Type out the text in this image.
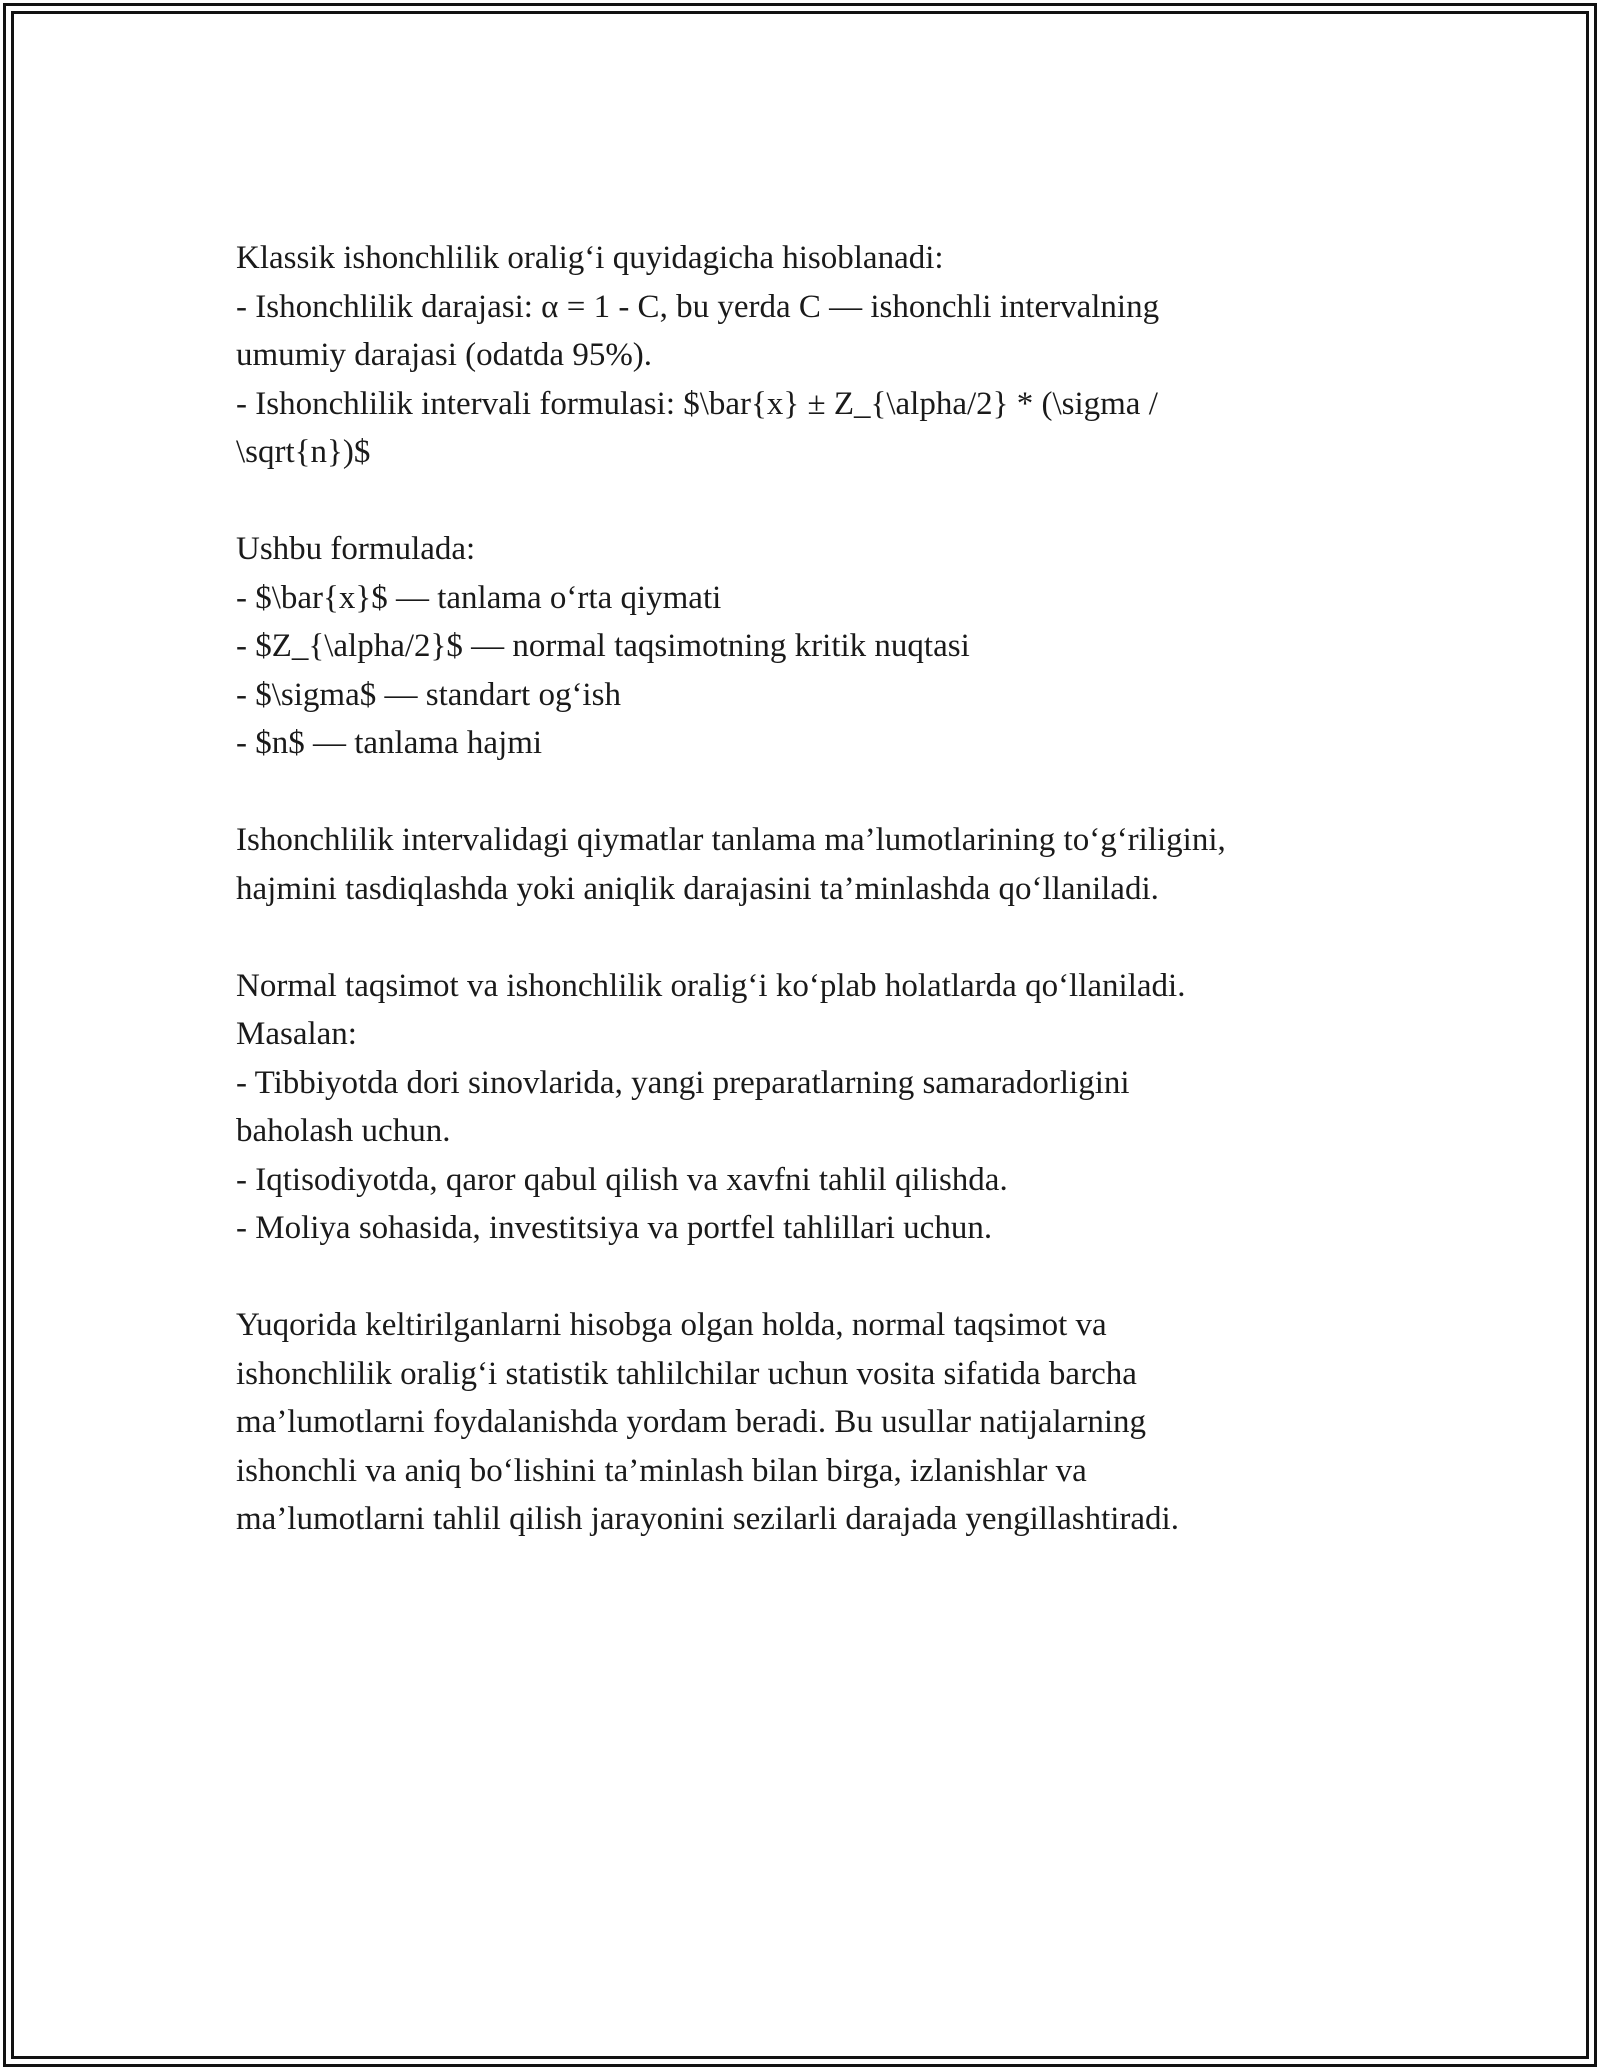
Klassik ishonchlilik oralig‘i quyidagicha hisoblanadi:
- Ishonchlilik darajasi: α = 1 - C, bu yerda C — ishonchli intervalning
umumiy darajasi (odatda 95%).
- Ishonchlilik intervali formulasi: $\bar{x} ± Z_{\alpha/2} * (\sigma /
\sqrt{n})$

Ushbu formulada:
- $\bar{x}$ — tanlama o‘rta qiymati
- $Z_{\alpha/2}$ — normal taqsimotning kritik nuqtasi
- $\sigma$ — standart og‘ish
- $n$ — tanlama hajmi

Ishonchlilik intervalidagi qiymatlar tanlama ma’lumotlarining to‘g‘riligini,
hajmini tasdiqlashda yoki aniqlik darajasini ta’minlashda qo‘llaniladi.

Normal taqsimot va ishonchlilik oralig‘i ko‘plab holatlarda qo‘llaniladi.
Masalan:
- Tibbiyotda dori sinovlarida, yangi preparatlarning samaradorligini
baholash uchun.
- Iqtisodiyotda, qaror qabul qilish va xavfni tahlil qilishda.
- Moliya sohasida, investitsiya va portfel tahlillari uchun.

Yuqorida keltirilganlarni hisobga olgan holda, normal taqsimot va
ishonchlilik oralig‘i statistik tahlilchilar uchun vosita sifatida barcha
ma’lumotlarni foydalanishda yordam beradi. Bu usullar natijalarning
ishonchli va aniq bo‘lishini ta’minlash bilan birga, izlanishlar va
ma’lumotlarni tahlil qilish jarayonini sezilarli darajada yengillashtiradi.
